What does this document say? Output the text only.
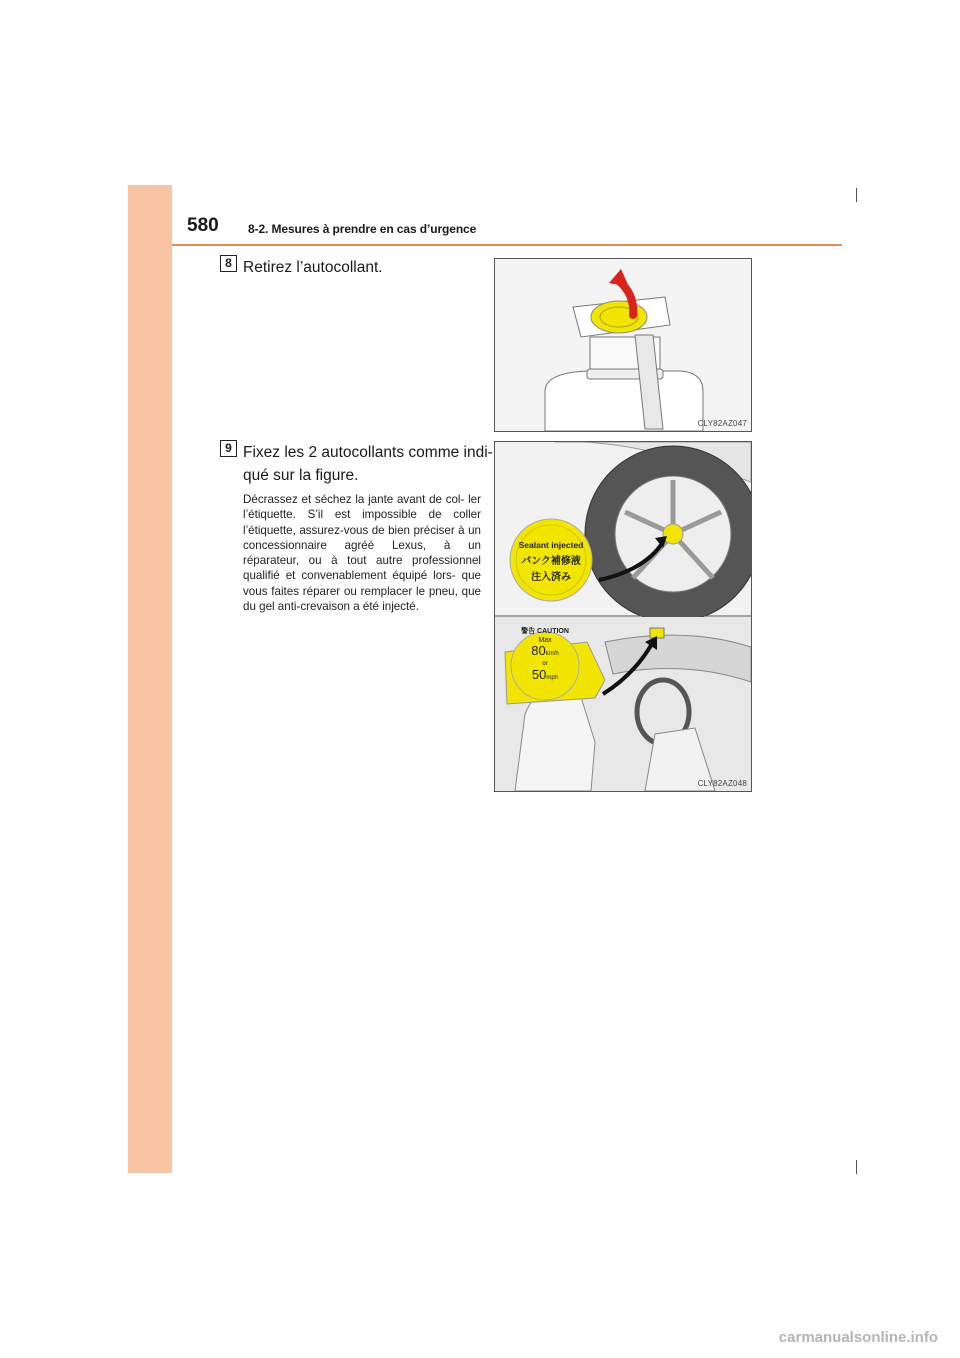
580 8-2. Mesures à prendre en cas d’urgence
8 Retirez l’autocollant.
CLY82AZ047
9 Fixez les 2 autocollants comme indi-
qué sur la figure.
Décrassez et séchez la jante avant de col- ler l’étiquette. S’il est impossible de coller l’étiquette, assurez-vous de bien préciser à un concessionnaire agréé Lexus, à un réparateur, ou à tout autre professionnel qualifié et convenablement équipé lors- que vous faites réparer ou remplacer le pneu, que du gel anti-crevaison a été injecté.
Sealant injected
パンク補修液
注入済み
警告 CAUTION
Max
80km/h
or
50mph
CLY82AZ048
carmanualsonline.info
